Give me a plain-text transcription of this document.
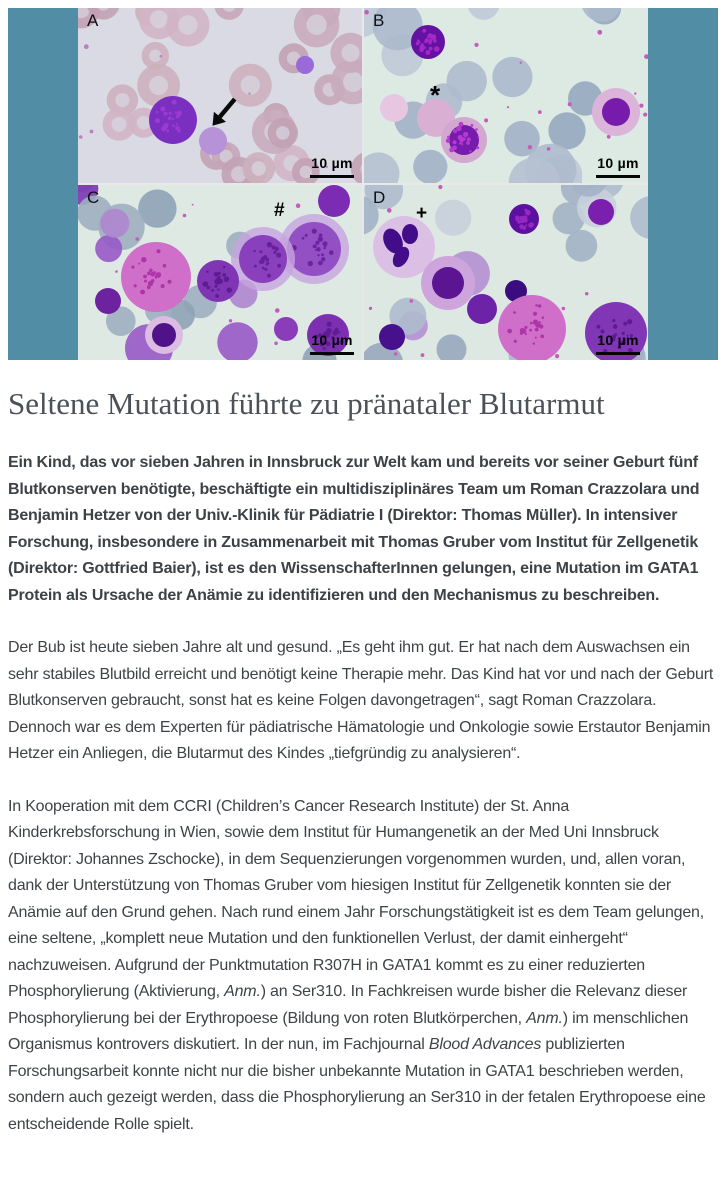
A
10 µm
B
*
10 µm
C
#
10 µm
D
+
10 µm
Seltene Mutation führte zu pränataler Blutarmut

Ein Kind, das vor sieben Jahren in Innsbruck zur Welt kam und bereits vor seiner Geburt fünf Blutkonserven benötigte, beschäftigte ein multidisziplinäres Team um Roman Crazzolara und Benjamin Hetzer von der Univ.-Klinik für Pädiatrie I (Direktor: Thomas Müller). In intensiver Forschung, insbesondere in Zusammenarbeit mit Thomas Gruber vom Institut für Zellgenetik (Direktor: Gottfried Baier), ist es den WissenschafterInnen gelungen, eine Mutation im GATA1 Protein als Ursache der Anämie zu identifizieren und den Mechanismus zu beschreiben.

Der Bub ist heute sieben Jahre alt und gesund. „Es geht ihm gut. Er hat nach dem Auswachsen ein sehr stabiles Blutbild erreicht und benötigt keine Therapie mehr. Das Kind hat vor und nach der Geburt Blutkonserven gebraucht, sonst hat es keine Folgen davongetragen“, sagt Roman Crazzolara. Dennoch war es dem Experten für pädiatrische Hämatologie und Onkologie sowie Erstautor Benjamin Hetzer ein Anliegen, die Blutarmut des Kindes „tiefgründig zu analysieren“.

In Kooperation mit dem CCRI (Children’s Cancer Research Institute) der St. Anna Kinderkrebsforschung in Wien, sowie dem Institut für Humangenetik an der Med Uni Innsbruck (Direktor: Johannes Zschocke), in dem Sequenzierungen vorgenommen wurden, und, allen voran, dank der Unterstützung von Thomas Gruber vom hiesigen Institut für Zellgenetik konnten sie der Anämie auf den Grund gehen. Nach rund einem Jahr Forschungstätigkeit ist es dem Team gelungen, eine seltene, „komplett neue Mutation und den funktionellen Verlust, der damit einhergeht“ nachzuweisen. Aufgrund der Punktmutation R307H in GATA1 kommt es zu einer reduzierten Phosphorylierung (Aktivierung, Anm.) an Ser310. In Fachkreisen wurde bisher die Relevanz dieser Phosphorylierung bei der Erythropoese (Bildung von roten Blutkörperchen, Anm.) im menschlichen Organismus kontrovers diskutiert. In der nun, im Fachjournal Blood Advances publizierten Forschungsarbeit konnte nicht nur die bisher unbekannte Mutation in GATA1 beschrieben werden, sondern auch gezeigt werden, dass die Phosphorylierung an Ser310 in der fetalen Erythropoese eine entscheidende Rolle spielt.
